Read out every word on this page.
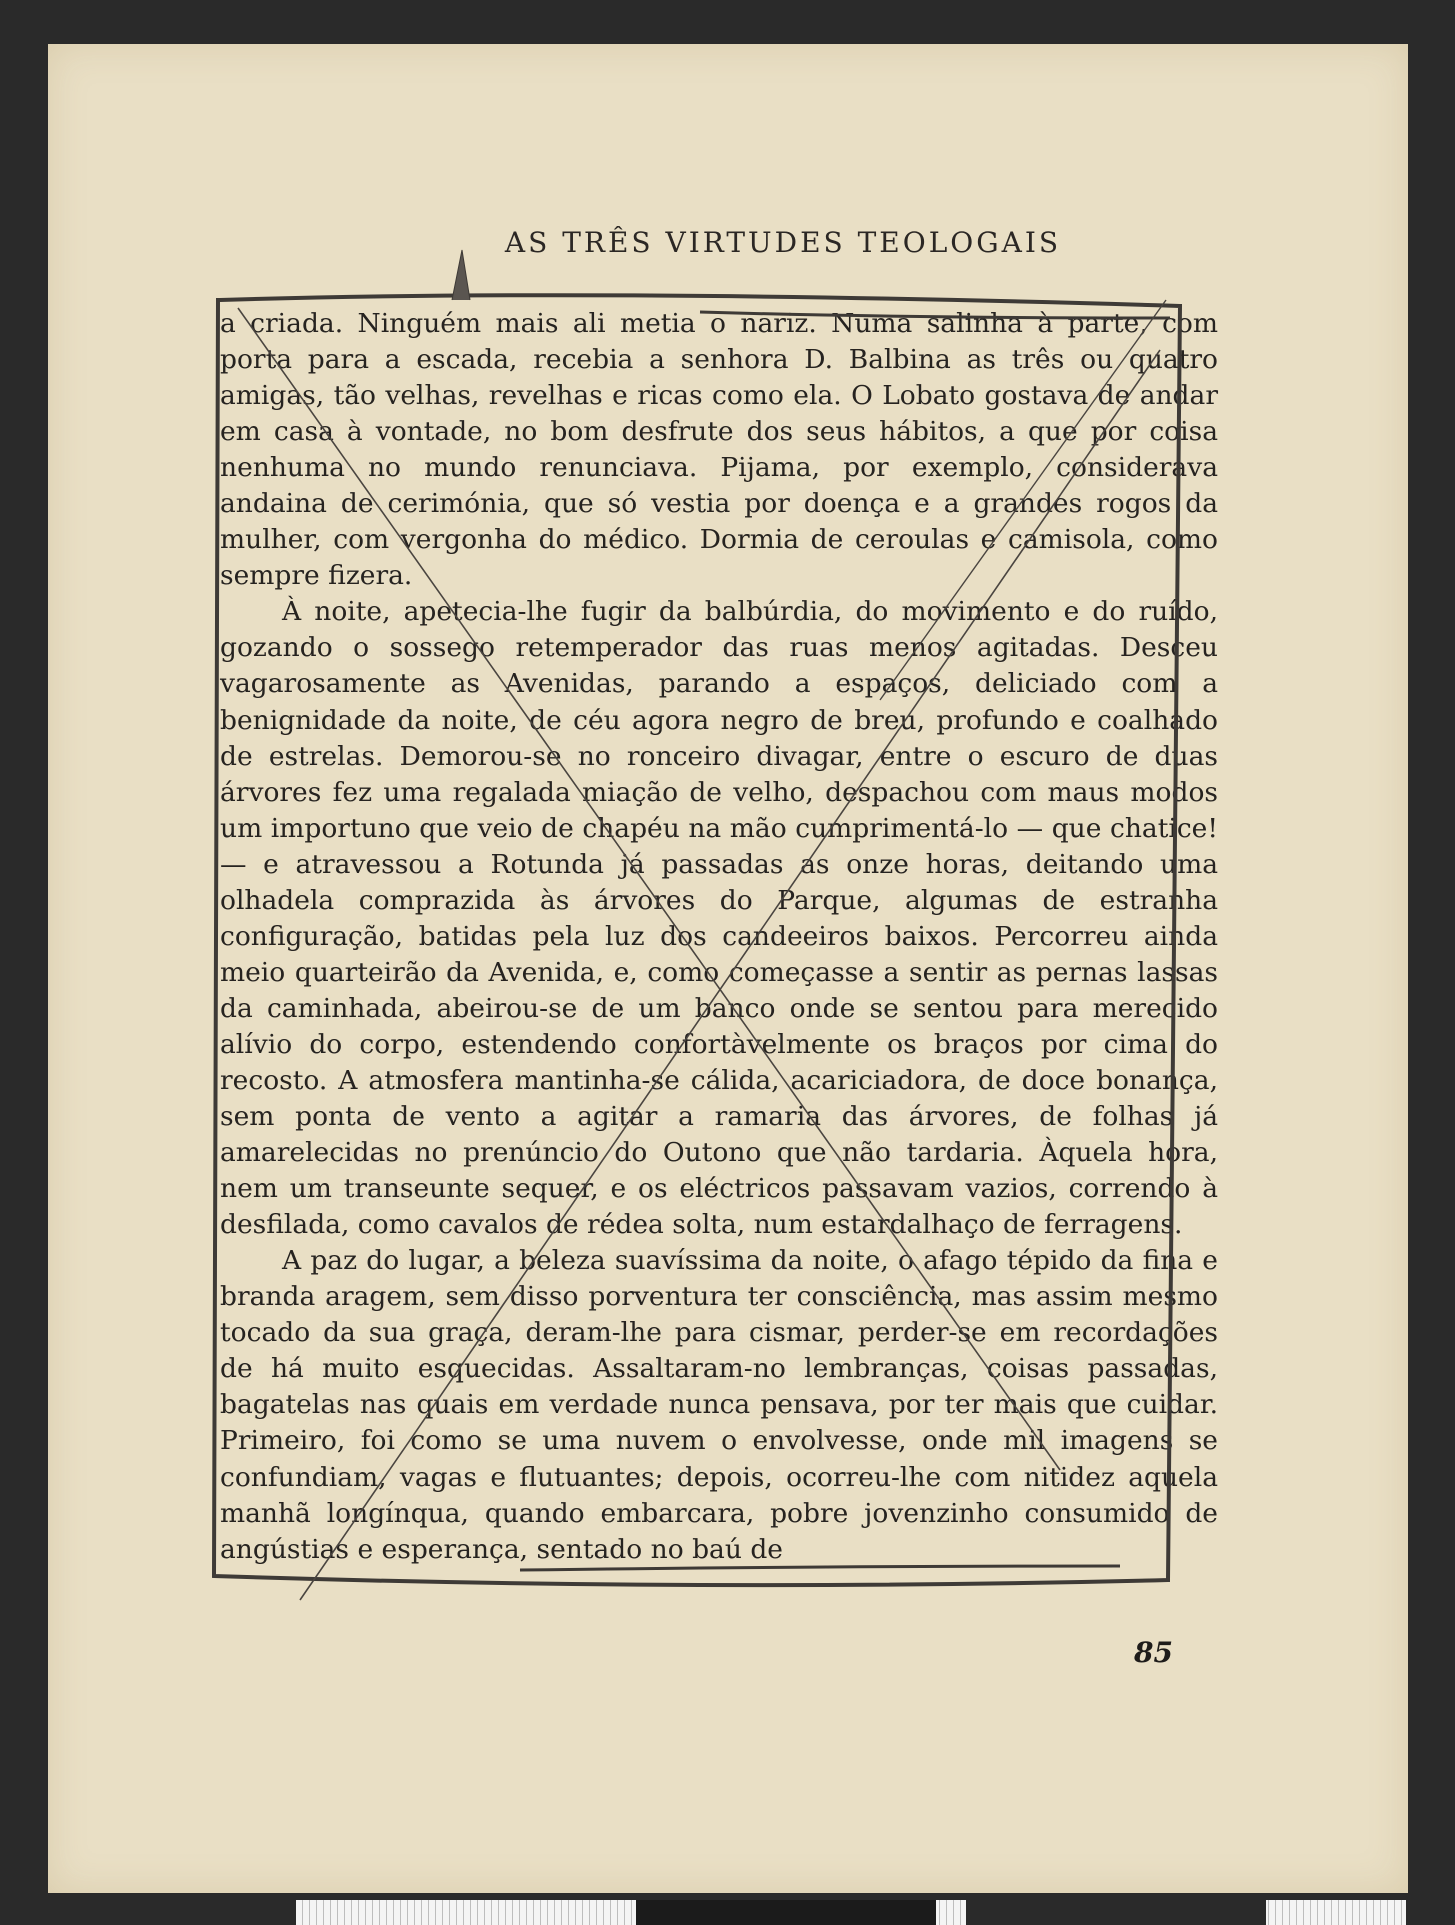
AS TRÊS VIRTUDES TEOLOGAIS

a criada. Ninguém mais ali metia o nariz. Numa salinha à parte, com porta para a escada, recebia a senhora D. Balbina as três ou quatro amigas, tão velhas, revelhas e ricas como ela. O Lobato gostava de andar em casa à vontade, no bom desfrute dos seus hábitos, a que por coisa nenhuma no mundo renunciava. Pijama, por exemplo, considerava andaina de cerimónia, que só vestia por doença e a grandes rogos da mulher, com vergonha do médico. Dormia de ceroulas e camisola, como sempre fizera.

À noite, apetecia-lhe fugir da balbúrdia, do movimento e do ruído, gozando o sossego retemperador das ruas menos agitadas. Desceu vagarosamente as Avenidas, parando a espaços, deliciado com a benignidade da noite, de céu agora negro de breu, profundo e coalhado de estrelas. Demorou-se no ronceiro divagar, entre o escuro de duas árvores fez uma regalada miação de velho, despachou com maus modos um importuno que veio de chapéu na mão cumprimentá-lo — que chatice! — e atravessou a Rotunda já passadas as onze horas, deitando uma olhadela comprazida às árvores do Parque, algumas de estranha configuração, batidas pela luz dos candeeiros baixos. Percorreu ainda meio quarteirão da Avenida, e, como começasse a sentir as pernas lassas da caminhada, abeirou-se de um banco onde se sentou para merecido alívio do corpo, estendendo confortàvelmente os braços por cima do recosto. A atmosfera mantinha-se cálida, acariciadora, de doce bonança, sem ponta de vento a agitar a ramaria das árvores, de folhas já amarelecidas no prenúncio do Outono que não tardaria. Àquela hora, nem um transeunte sequer, e os eléctricos passavam vazios, correndo à desfilada, como cavalos de rédea solta, num estardalhaço de ferragens.

A paz do lugar, a beleza suavíssima da noite, o afago tépido da fina e branda aragem, sem disso porventura ter consciência, mas assim mesmo tocado da sua graça, deram-lhe para cismar, perder-se em recordações de há muito esquecidas. Assaltaram-no lembranças, coisas passadas, bagatelas nas quais em verdade nunca pensava, por ter mais que cuidar. Primeiro, foi como se uma nuvem o envolvesse, onde mil imagens se confundiam, vagas e flutuantes; depois, ocorreu-lhe com nitidez aquela manhã longínqua, quando embarcara, pobre jovenzinho consumido de angústias e esperança, sentado no baú de

85
